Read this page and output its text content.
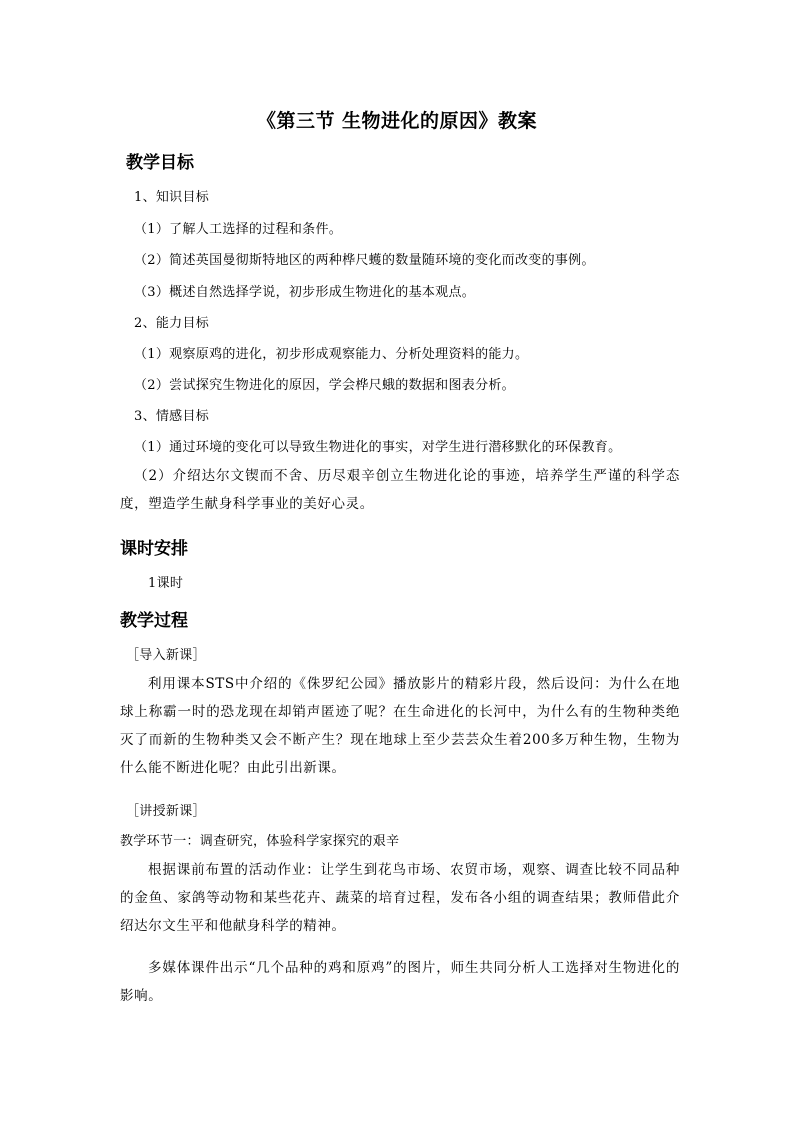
《第三节 生物进化的原因》教案
教学目标
1、知识目标
（1）了解人工选择的过程和条件。
（2）简述英国曼彻斯特地区的两种桦尺蠖的数量随环境的变化而改变的事例。
（3）概述自然选择学说，初步形成生物进化的基本观点。
2、能力目标
（1）观察原鸡的进化，初步形成观察能力、分析处理资料的能力。
（2）尝试探究生物进化的原因，学会桦尺蛾的数据和图表分析。
3、情感目标
（1）通过环境的变化可以导致生物进化的事实，对学生进行潜移默化的环保教育。
（2）介绍达尔文锲而不舍、历尽艰辛创立生物进化论的事迹，培养学生严谨的科学态度，塑造学生献身科学事业的美好心灵。
课时安排
1课时
教学过程
［导入新课］
利用课本STS中介绍的《侏罗纪公园》播放影片的精彩片段，然后设问：为什么在地球上称霸一时的恐龙现在却销声匿迹了呢？在生命进化的长河中，为什么有的生物种类绝灭了而新的生物种类又会不断产生？现在地球上至少芸芸众生着200多万种生物，生物为什么能不断进化呢？由此引出新课。
［讲授新课］
教学环节一：调查研究，体验科学家探究的艰辛
根据课前布置的活动作业：让学生到花鸟市场、农贸市场，观察、调查比较不同品种的金鱼、家鸽等动物和某些花卉、蔬菜的培育过程，发布各小组的调查结果；教师借此介绍达尔文生平和他献身科学的精神。
多媒体课件出示“几个品种的鸡和原鸡”的图片，师生共同分析人工选择对生物进化的影响。
